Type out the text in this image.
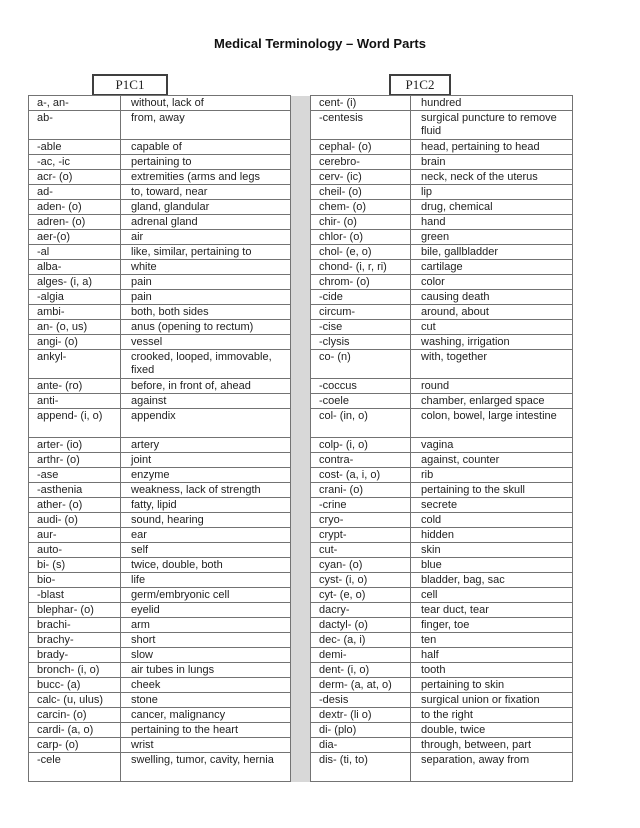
Medical Terminology – Word Parts
P1C1	P1C2
a-, an-	without, lack of		cent- (i)	hundred
ab-	from, away		-centesis	surgical puncture to remove fluid
-able	capable of		cephal- (o)	head, pertaining to head
-ac, -ic	pertaining to		cerebro-	brain
acr- (o)	extremities (arms and legs		cerv- (ic)	neck, neck of the uterus
ad-	to, toward, near		cheil- (o)	lip
aden- (o)	gland, glandular		chem- (o)	drug, chemical
adren- (o)	adrenal gland		chir- (o)	hand
aer-(o)	air		chlor- (o)	green
-al	like, similar, pertaining to		chol- (e, o)	bile, gallbladder
alba-	white		chond- (i, r, ri)	cartilage
alges- (i, a)	pain		chrom- (o)	color
-algia	pain		-cide	causing death
ambi-	both, both sides		circum-	around, about
an- (o, us)	anus (opening to rectum)		-cise	cut
angi- (o)	vessel		-clysis	washing, irrigation
ankyl-	crooked, looped, immovable, fixed		co- (n)	with, together
ante- (ro)	before, in front of, ahead		-coccus	round
anti-	against		-coele	chamber, enlarged space
append- (i, o)	appendix		col- (in, o)	colon, bowel, large intestine
arter- (io)	artery		colp- (i, o)	vagina
arthr- (o)	joint		contra-	against, counter
-ase	enzyme		cost- (a, i, o)	rib
-asthenia	weakness, lack of strength		crani- (o)	pertaining to the skull
ather- (o)	fatty, lipid		-crine	secrete
audi- (o)	sound, hearing		cryo-	cold
aur-	ear		crypt-	hidden
auto-	self		cut-	skin
bi- (s)	twice, double, both		cyan- (o)	blue
bio-	life		cyst- (i, o)	bladder, bag, sac
-blast	germ/embryonic cell		cyt- (e, o)	cell
blephar- (o)	eyelid		dacry-	tear duct, tear
brachi-	arm		dactyl- (o)	finger, toe
brachy-	short		dec- (a, i)	ten
brady-	slow		demi-	half
bronch- (i, o)	air tubes in lungs		dent- (i, o)	tooth
bucc- (a)	cheek		derm- (a, at, o)	pertaining to skin
calc- (u, ulus)	stone		-desis	surgical union or fixation
carcin- (o)	cancer, malignancy		dextr- (li o)	to the right
cardi- (a, o)	pertaining to the heart		di- (plo)	double, twice
carp- (o)	wrist		dia-	through, between, part
-cele	swelling, tumor, cavity, hernia		dis- (ti, to)	separation, away from
